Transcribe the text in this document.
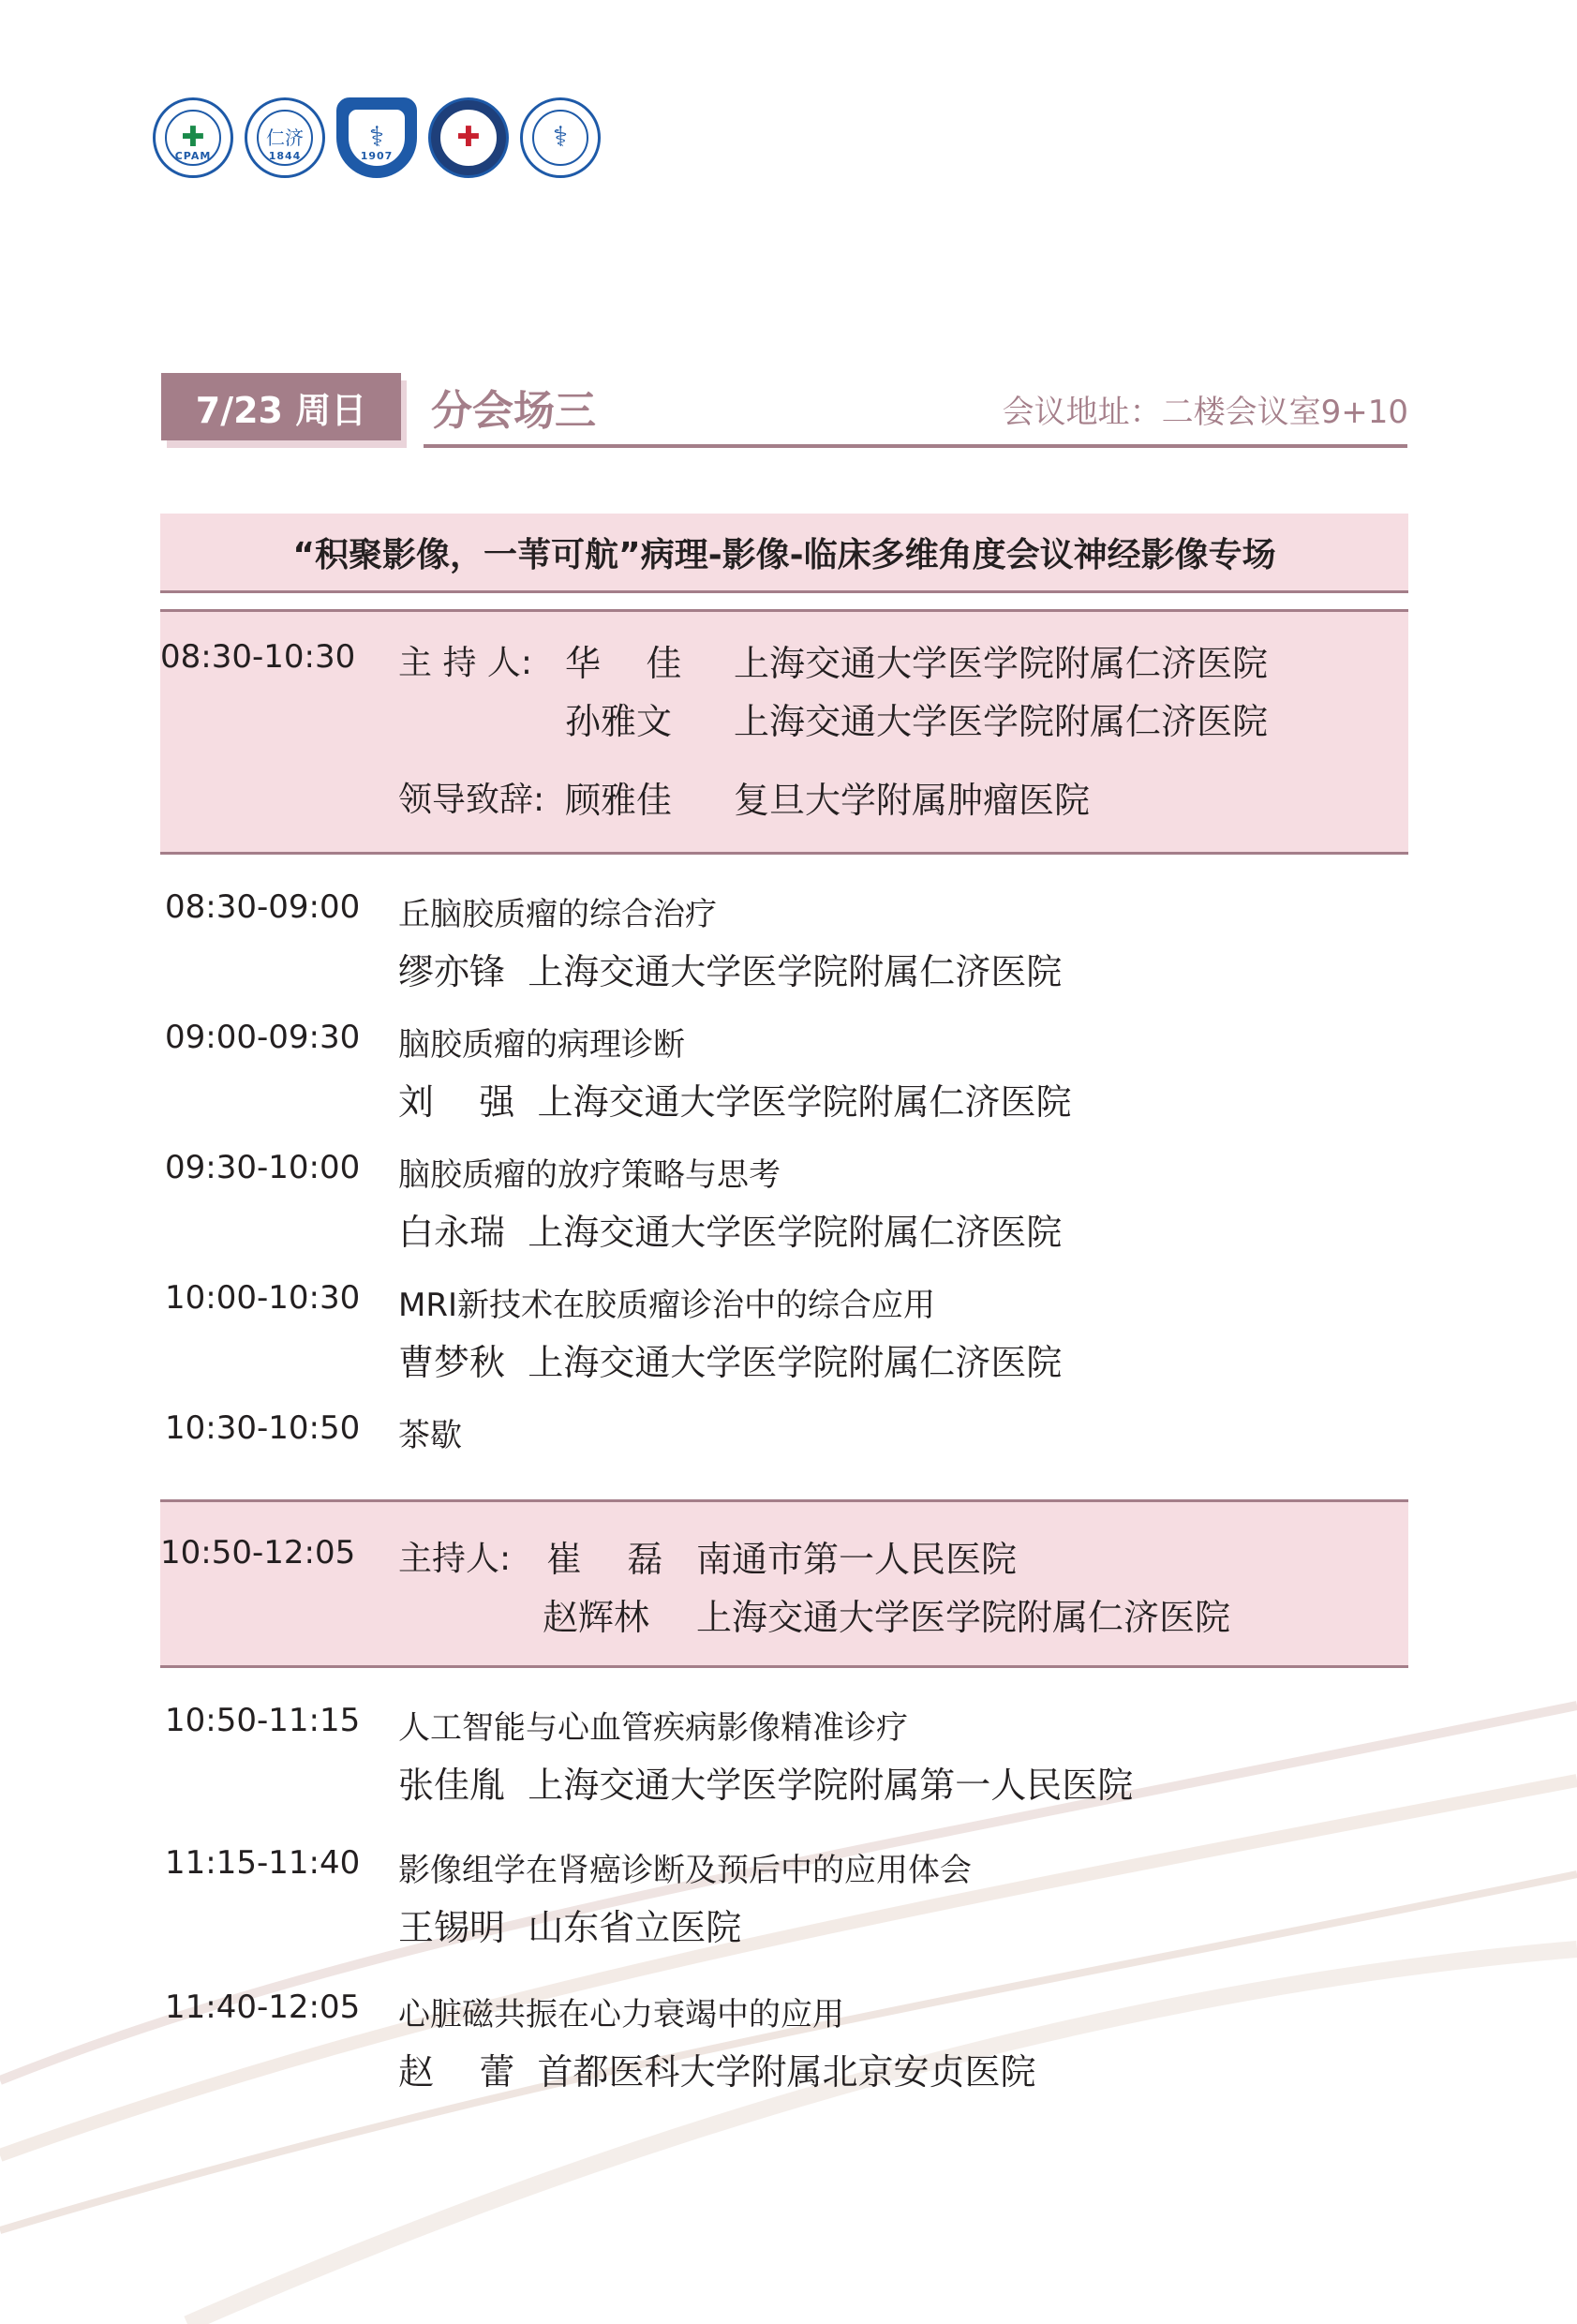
✚
CPAM
仁济
1844
⚕
1907
✚	⚕
7/23 周日	分会场三	会议地址：二楼会议室9+10
“积聚影像，一苇可航”病理-影像-临床多维角度会议神经影像专场
08:30-10:30 主 持 人: 华    佳 上海交通大学医学院附属仁济医院
孙雅文 上海交通大学医学院附属仁济医院
领导致辞: 顾雅佳 复旦大学附属肿瘤医院
08:30-09:00 丘脑胶质瘤的综合治疗
缪亦锋 上海交通大学医学院附属仁济医院
09:00-09:30 脑胶质瘤的病理诊断
刘    强 上海交通大学医学院附属仁济医院
09:30-10:00 脑胶质瘤的放疗策略与思考
白永瑞 上海交通大学医学院附属仁济医院
10:00-10:30 MRI新技术在胶质瘤诊治中的综合应用
曹梦秋 上海交通大学医学院附属仁济医院
10:30-10:50 茶歇
10:50-12:05 主持人: 崔    磊 南通市第一人民医院
赵辉林 上海交通大学医学院附属仁济医院
10:50-11:15 人工智能与心血管疾病影像精准诊疗
张佳胤 上海交通大学医学院附属第一人民医院
11:15-11:40 影像组学在肾癌诊断及预后中的应用体会
王锡明 山东省立医院
11:40-12:05 心脏磁共振在心力衰竭中的应用
赵    蕾 首都医科大学附属北京安贞医院
